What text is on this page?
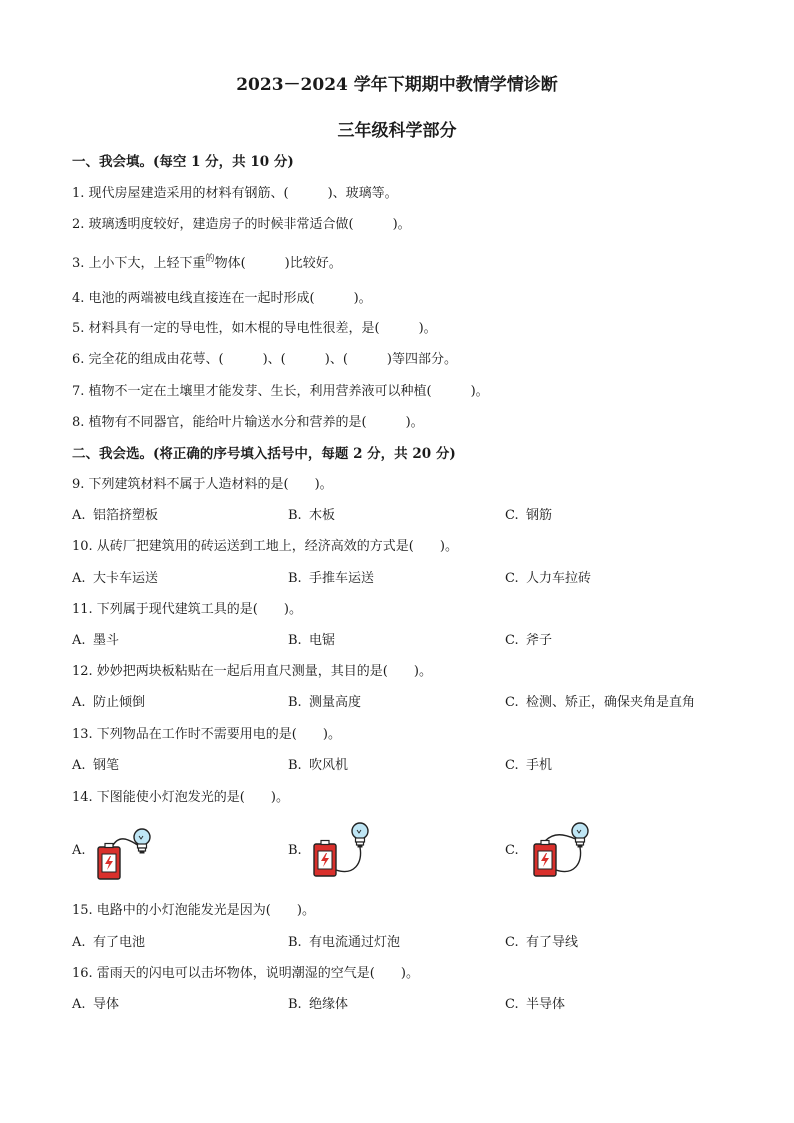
2023－2024 学年下期期中教情学情诊断
三年级科学部分
一、我会填。(每空 1 分，共 10 分)
1. 现代房屋建造采用的材料有钢筋、(　　　)、玻璃等。
2. 玻璃透明度较好，建造房子的时候非常适合做(　　　)。
3. 上小下大，上轻下重$^的$物体(　　　)比较好。
4. 电池的两端被电线直接连在一起时形成(　　　)。
5. 材料具有一定的导电性，如木棍的导电性很差，是(　　　)。
6. 完全花的组成由花萼、(　　　)、(　　　)、(　　　)等四部分。
7. 植物不一定在土壤里才能发芽、生长，利用营养液可以种植(　　　)。
8. 植物有不同器官，能给叶片输送水分和营养的是(　　　)。
二、我会选。(将正确的序号填入括号中，每题 2 分，共 20 分)
9. 下列建筑材料不属于人造材料的是(　　)。
A. 铝箔挤塑板	B. 木板	C. 钢筋
10. 从砖厂把建筑用的砖运送到工地上，经济高效的方式是(　　)。
A. 大卡车运送	B. 手推车运送	C. 人力车拉砖
11. 下列属于现代建筑工具的是(　　)。
A. 墨斗	B. 电锯	C. 斧子
12. 妙妙把两块板粘贴在一起后用直尺测量，其目的是(　　)。
A. 防止倾倒	B. 测量高度	C. 检测、矫正，确保夹角是直角
13. 下列物品在工作时不需要用电的是(　　)。
A. 钢笔	B. 吹风机	C. 手机
14. 下图能使小灯泡发光的是(　　)。
A.	B.	C.
15. 电路中的小灯泡能发光是因为(　　)。
A. 有了电池	B. 有电流通过灯泡	C. 有了导线
16. 雷雨天的闪电可以击坏物体，说明潮湿的空气是(　　)。
A. 导体	B. 绝缘体	C. 半导体
